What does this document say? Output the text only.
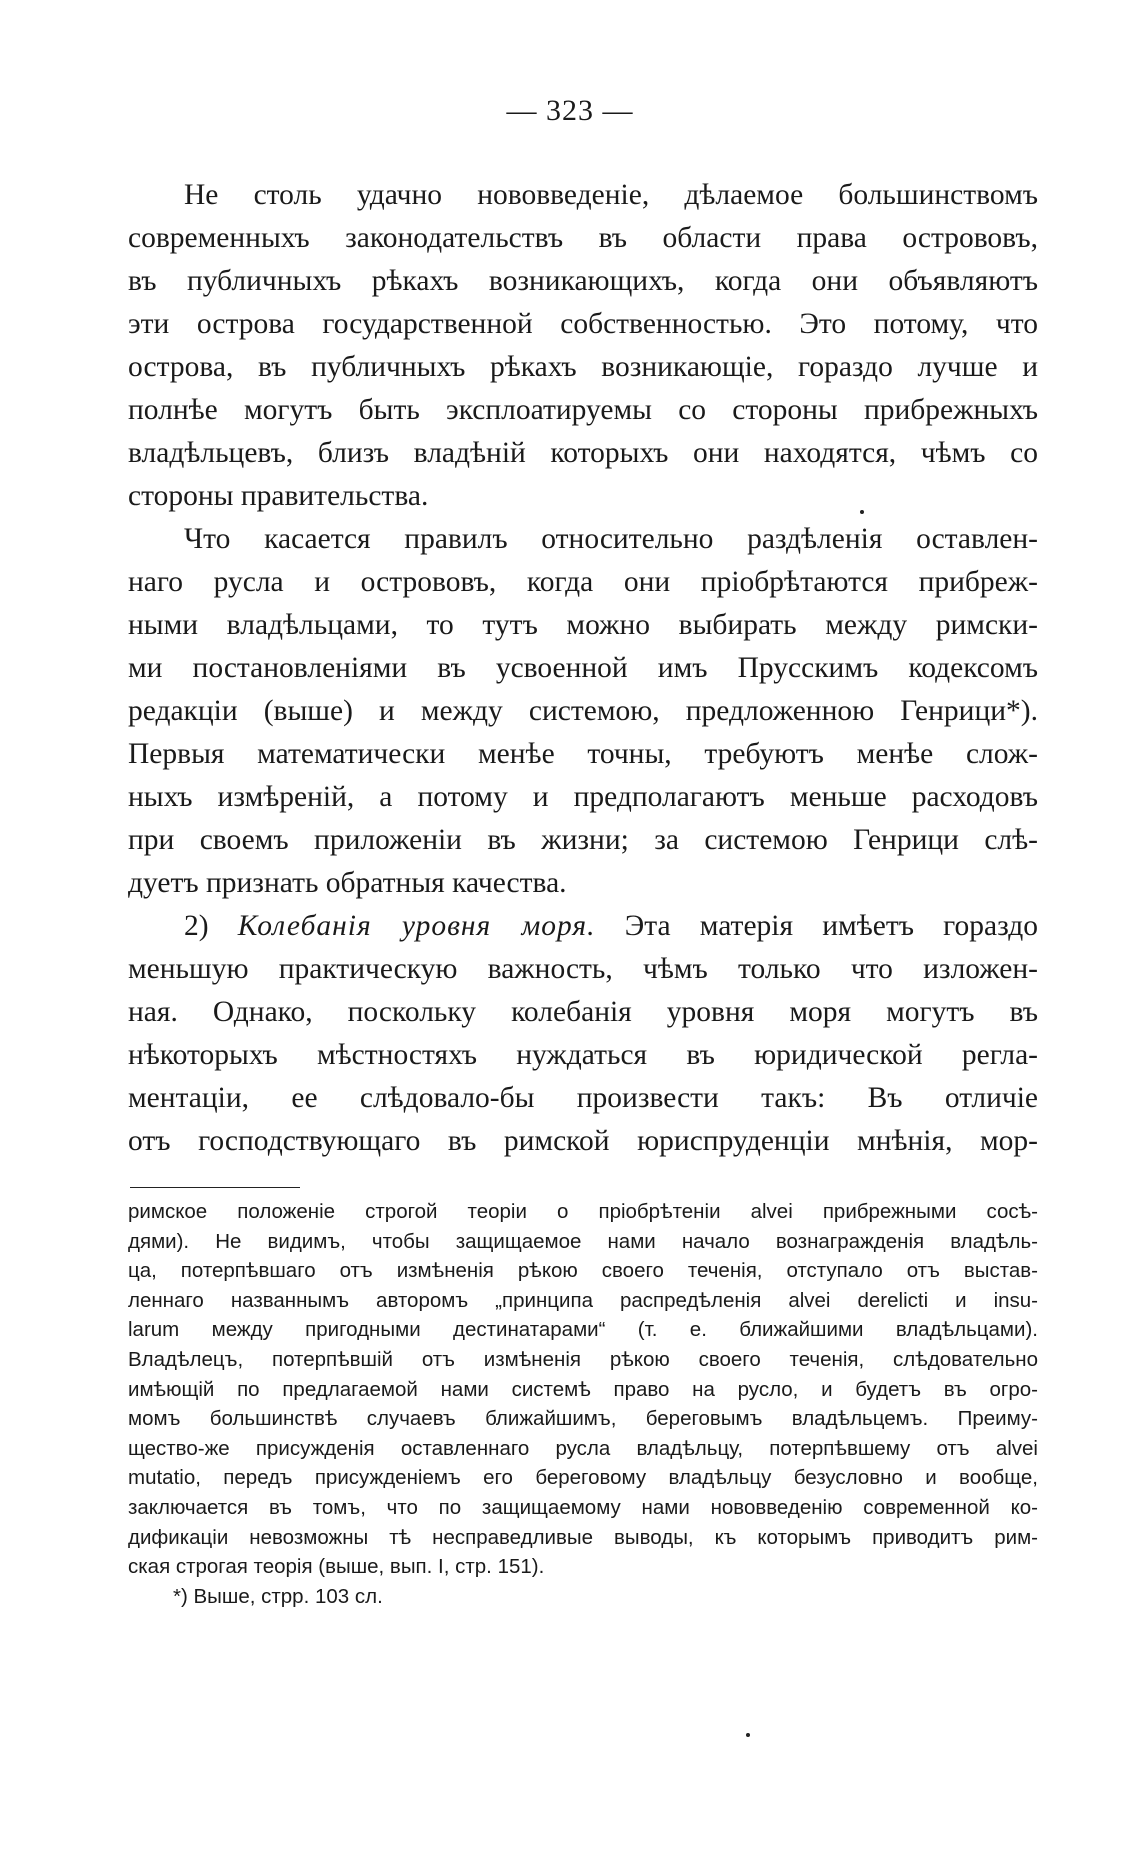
— 323 —
Не столь удачно нововведеніе, дѣлаемое большинствомъ
современныхъ законодательствъ въ области права острововъ,
въ публичныхъ рѣкахъ возникающихъ, когда они объявляютъ
эти острова государственной собственностью. Это потому, что
острова, въ публичныхъ рѣкахъ возникающіе, гораздо лучше и
полнѣе могутъ быть эксплоатируемы со стороны прибрежныхъ
владѣльцевъ, близъ владѣній которыхъ они находятся, чѣмъ со
стороны правительства.
Что касается правилъ относительно раздѣленія оставлен-
наго русла и острововъ, когда они пріобрѣтаются прибреж-
ными владѣльцами, то тутъ можно выбирать между римски-
ми постановленіями въ усвоенной имъ Прусскимъ кодексомъ
редакціи (выше) и между системою, предложенною Генрици*).
Первыя математически менѣе точны, требуютъ менѣе слож-
ныхъ измѣреній, а потому и предполагаютъ меньше расходовъ
при своемъ приложеніи въ жизни; за системою Генрици слѣ-
дуетъ признать обратныя качества.
2) Колебанія уровня моря. Эта матерія имѣетъ гораздо
меньшую практическую важность, чѣмъ только что изложен-
ная. Однако, поскольку колебанія уровня моря могутъ въ
нѣкоторыхъ мѣстностяхъ нуждаться въ юридической регла-
ментаціи, ее слѣдовало-бы произвести такъ: Въ отличіе
отъ господствующаго въ римской юриспруденціи мнѣнія, мор-
римское положеніе строгой теоріи о пріобрѣтеніи alvei прибрежными сосѣ-
дями). Не видимъ, чтобы защищаемое нами начало вознагражденія владѣль-
ца, потерпѣвшаго отъ измѣненія рѣкою своего теченія, отступало отъ выстав-
леннаго названнымъ авторомъ „принципа распредѣленія alvei derelicti и insu-
larum между пригодными дестинатарами“ (т. е. ближайшими владѣльцами).
Владѣлецъ, потерпѣвшій отъ измѣненія рѣкою своего теченія, слѣдовательно
имѣющій по предлагаемой нами системѣ право на русло, и будетъ въ огро-
момъ большинствѣ случаевъ ближайшимъ, береговымъ владѣльцемъ. Преиму-
щество-же присужденія оставленнаго русла владѣльцу, потерпѣвшему отъ alvei
mutatio, передъ присужденіемъ его береговому владѣльцу безусловно и вообще,
заключается въ томъ, что по защищаемому нами нововведенію современной ко-
дификаціи невозможны тѣ несправедливые выводы, къ которымъ приводитъ рим-
ская строгая теорія (выше, вып. I, стр. 151).
*) Выше, стрр. 103 сл.
